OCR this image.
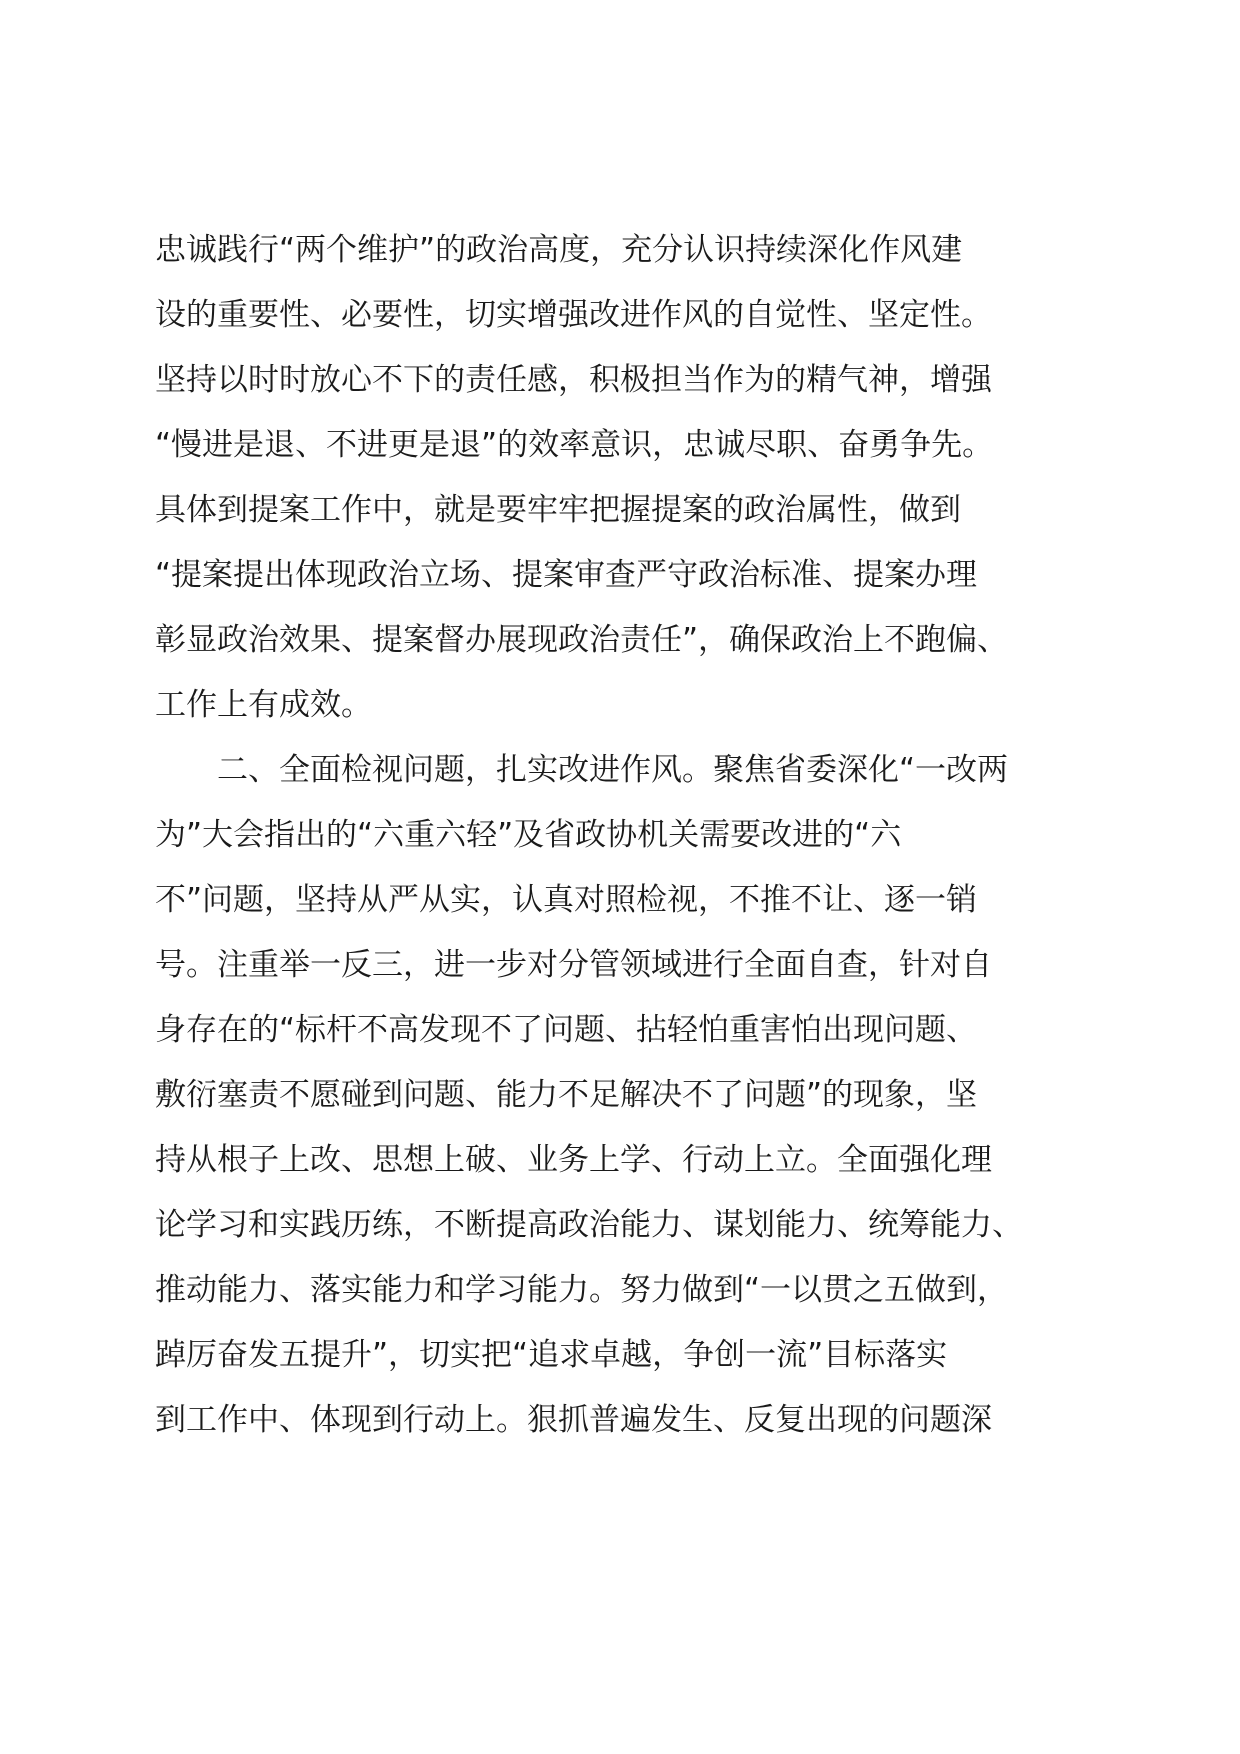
忠诚践行“两个维护”的政治高度，充分认识持续深化作风建
设的重要性、必要性，切实增强改进作风的自觉性、坚定性。
坚持以时时放心不下的责任感，积极担当作为的精气神，增强
“慢进是退、不进更是退”的效率意识，忠诚尽职、奋勇争先。
具体到提案工作中，就是要牢牢把握提案的政治属性，做到
“提案提出体现政治立场、提案审查严守政治标准、提案办理
彰显政治效果、提案督办展现政治责任”，确保政治上不跑偏、
工作上有成效。
　　二、全面检视问题，扎实改进作风。聚焦省委深化“一改两
为”大会指出的“六重六轻”及省政协机关需要改进的“六
不”问题，坚持从严从实，认真对照检视，不推不让、逐一销
号。注重举一反三，进一步对分管领域进行全面自查，针对自
身存在的“标杆不高发现不了问题、拈轻怕重害怕出现问题、
敷衍塞责不愿碰到问题、能力不足解决不了问题”的现象，坚
持从根子上改、思想上破、业务上学、行动上立。全面强化理
论学习和实践历练，不断提高政治能力、谋划能力、统筹能力、
推动能力、落实能力和学习能力。努力做到“一以贯之五做到，
踔厉奋发五提升”，切实把“追求卓越，争创一流”目标落实
到工作中、体现到行动上。狠抓普遍发生、反复出现的问题深
